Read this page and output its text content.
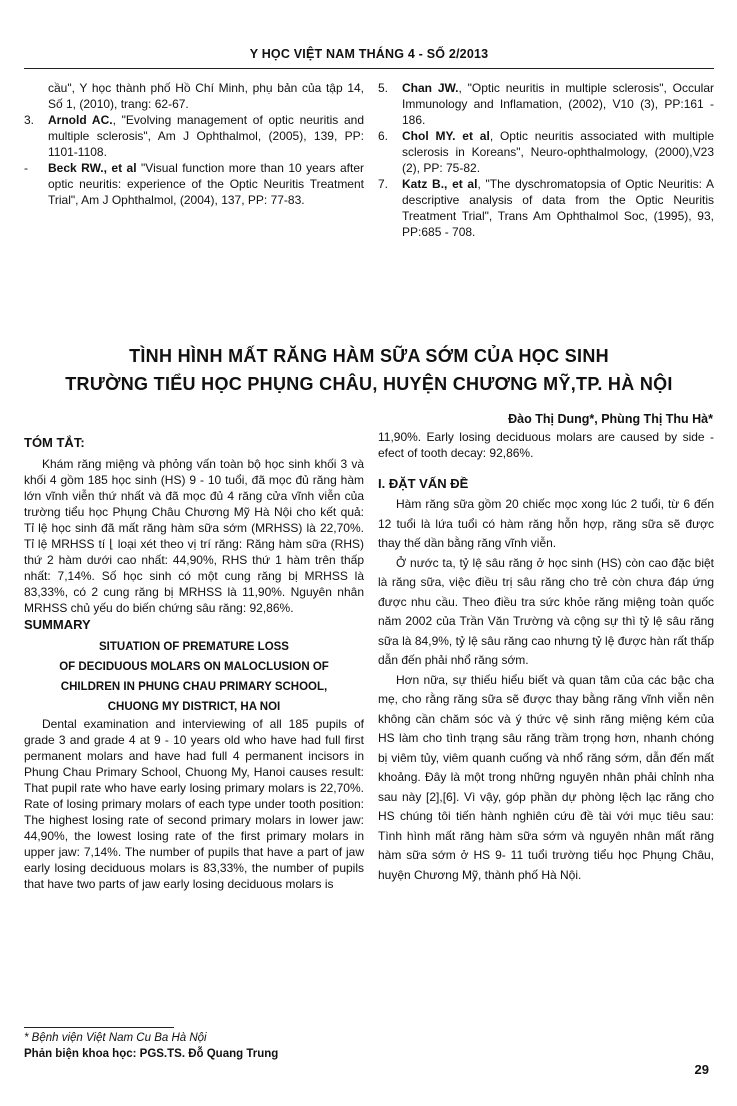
Y HỌC VIỆT NAM THÁNG 4 - SỐ 2/2013
cầu", Y học thành phố Hồ Chí Minh, phụ bản của tập 14, Số 1, (2010), trang: 62-67.
3.	Arnold AC., "Evolving management of optic neuritis and multiple sclerosis", Am J Ophthalmol, (2005), 139, PP: 1101-1108.
-	Beck RW., et al "Visual function more than 10 years after optic neuritis: experience of the Optic Neuritis Treatment Trial", Am J Ophthalmol, (2004), 137, PP: 77-83.
5.	Chan JW., "Optic neuritis in multiple sclerosis", Occular Immunology and Inflamation, (2002), V10 (3), PP:161 - 186.
6.	Chol MY. et al, Optic neuritis associated with multiple sclerosis in Koreans", Neuro-ophthalmology, (2000),V23 (2), PP: 75-82.
7.	Katz B., et al, "The dyschromatopsia of Optic Neuritis: A descriptive analysis of data from the Optic Neuritis Treatment Trial", Trans Am Ophthalmol Soc, (1995), 93, PP:685 - 708.
TÌNH HÌNH MẤT RĂNG HÀM SỮA SỚM CỦA HỌC SINH
TRƯỜNG TIỂU HỌC PHỤNG CHÂU, HUYỆN CHƯƠNG MỸ,TP. HÀ NỘI
Đào Thị Dung*, Phùng Thị Thu Hà*
TÓM TẮT:

Khám răng miệng và phỏng vấn toàn bộ học sinh khối 3 và khối 4 gồm 185 học sinh (HS) 9 - 10 tuổi, đã mọc đủ răng hàm lớn vĩnh viễn thứ nhất và đã mọc đủ 4 răng cửa vĩnh viễn của trường tiểu học Phụng Châu Chương Mỹ Hà Nội cho kết quả: Tỉ lệ học sinh đã mất răng hàm sữa sớm (MRHSS) là 22,70%. Tỉ lệ MRHSS tí ⌊ loại xét theo vị trí răng: Răng hàm sữa (RHS) thứ 2 hàm dưới cao nhất: 44,90%, RHS thứ 1 hàm trên thấp nhất: 7,14%. Số học sinh có một cung răng bị MRHSS là 83,33%, có 2 cung răng bị MRHSS là 11,90%. Nguyên nhân MRHSS chủ yếu do biến chứng sâu răng: 92,86%.

SUMMARY
SITUATION OF PREMATURE LOSS
OF DECIDUOUS MOLARS ON MALOCLUSION OF
CHILDREN IN PHUNG CHAU PRIMARY SCHOOL,
CHUONG MY DISTRICT, HA NOI

Dental examination and interviewing of all 185 pupils of grade 3 and grade 4 at 9 - 10 years old who have had full first permanent molars and have had full 4 permanent incisors in Phung Chau Primary School, Chuong My, Hanoi causes result: That pupil rate who have early losing primary molars is 22,70%. Rate of losing primary molars of each type under tooth position: The highest losing rate of second primary molars in lower jaw: 44,90%, the lowest losing rate of the first primary molars in upper jaw: 7,14%. The number of pupils that have a part of jaw early losing deciduous molars is 83,33%, the number of pupils that have two parts of jaw early losing deciduous molars is

11,90%. Early losing deciduous molars are caused by side - efect of tooth decay: 92,86%.

I. ĐẶT VẤN ĐỀ

Hàm răng sữa gồm 20 chiếc mọc xong lúc 2 tuổi, từ 6 đến 12 tuổi là lứa tuổi có hàm răng hỗn hợp, răng sữa sẽ được thay thế dần bằng răng vĩnh viễn.

Ở nước ta, tỷ lệ sâu răng ở học sinh (HS) còn cao đặc biệt là răng sữa, việc điều trị sâu răng cho trẻ còn chưa đáp ứng được nhu cầu. Theo điều tra sức khỏe răng miệng toàn quốc năm 2002 của Trần Văn Trường và cộng sự thì tỷ lệ sâu răng sữa là 84,9%, tỷ lệ sâu răng cao nhưng tỷ lệ được hàn rất thấp dẫn đến phải nhổ răng sớm.

Hơn nữa, sự thiếu hiểu biết và quan tâm của các bậc cha mẹ, cho rằng răng sữa sẽ được thay bằng răng vĩnh viễn nên không cần chăm sóc và ý thức vệ sinh răng miệng kém của HS làm cho tình trạng sâu răng trầm trọng hơn, nhanh chóng bị viêm tủy, viêm quanh cuống và nhổ răng sớm, dẫn đến mất khoảng. Đây là một trong những nguyên nhân phải chỉnh nha sau này [2],[6]. Vì vậy, góp phần dự phòng lệch lạc răng cho HS chúng tôi tiến hành nghiên cứu đề tài với mục tiêu sau: Tình hình mất răng hàm sữa sớm và nguyên nhân mất răng hàm sữa sớm ở HS 9- 11 tuổi trường tiểu học Phụng Châu, huyện Chương Mỹ, thành phố Hà Nội.

* Bệnh viện Việt Nam Cu Ba Hà Nội
Phản biện khoa học: PGS.TS. Đỗ Quang Trung
29
